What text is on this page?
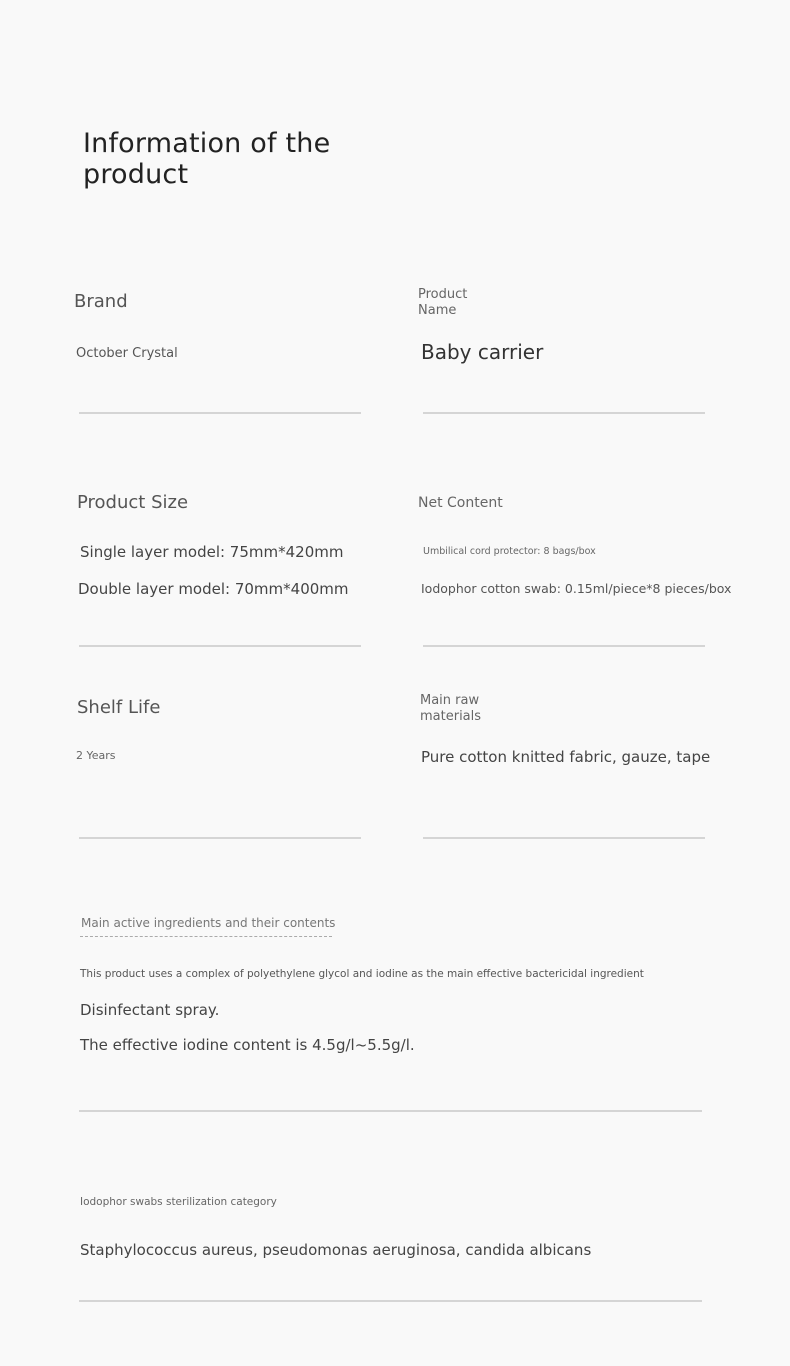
Information of the product
Brand
October Crystal
Product
Name
Baby carrier
Product Size
Single layer model: 75mm*420mm
Double layer model: 70mm*400mm
Net Content
Umbilical cord protector: 8 bags/box
Iodophor cotton swab: 0.15ml/piece*8 pieces/box
Shelf Life
2 Years
Main raw
materials
Pure cotton knitted fabric, gauze, tape
Main active ingredients and their contents
This product uses a complex of polyethylene glycol and iodine as the main effective bactericidal ingredient
Disinfectant spray.
The effective iodine content is 4.5g/l~5.5g/l.
Iodophor swabs sterilization category
Staphylococcus aureus, pseudomonas aeruginosa, candida albicans
